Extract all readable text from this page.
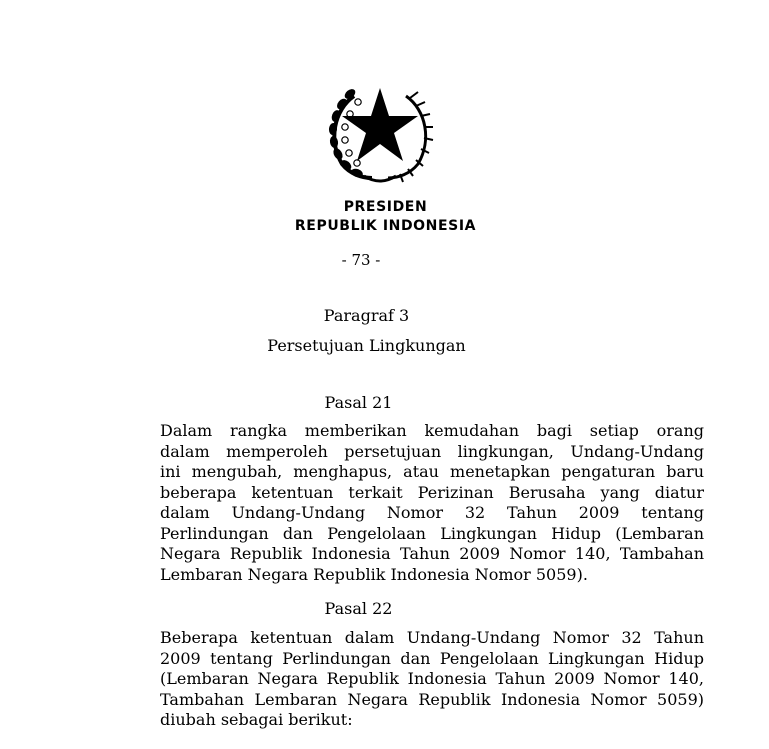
PRESIDEN
REPUBLIK INDONESIA
- 73 -
Paragraf 3
Persetujuan Lingkungan
Pasal 21
Dalam rangka memberikan kemudahan bagi setiap orang
dalam memperoleh persetujuan lingkungan, Undang-Undang
ini mengubah, menghapus, atau menetapkan pengaturan baru
beberapa ketentuan terkait Perizinan Berusaha yang diatur
dalam Undang-Undang Nomor 32 Tahun 2009 tentang
Perlindungan dan Pengelolaan Lingkungan Hidup (Lembaran
Negara Republik Indonesia Tahun 2009 Nomor 140, Tambahan
Lembaran Negara Republik Indonesia Nomor 5059).
Pasal 22
Beberapa ketentuan dalam Undang-Undang Nomor 32 Tahun
2009 tentang Perlindungan dan Pengelolaan Lingkungan Hidup
(Lembaran Negara Republik Indonesia Tahun 2009 Nomor 140,
Tambahan Lembaran Negara Republik Indonesia Nomor 5059)
diubah sebagai berikut:
